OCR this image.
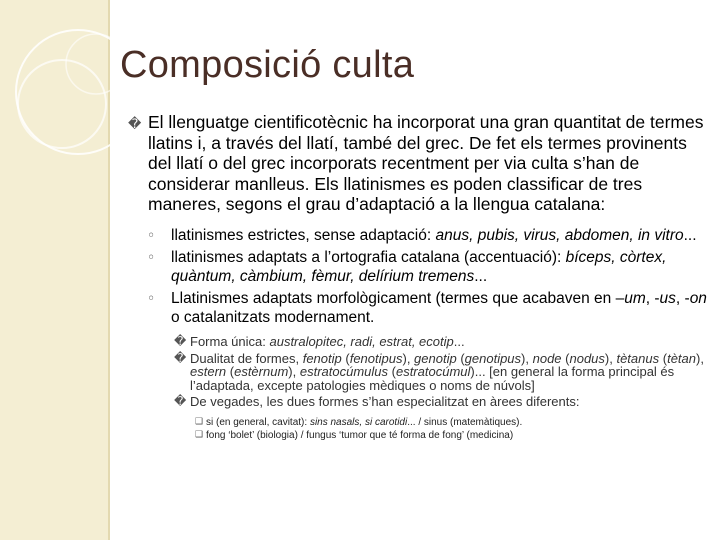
Composició culta
� El llenguatge cientificotècnic ha incorporat una gran quantitat de termes llatins i, a través del llatí, també del grec. De fet els termes provinents del llatí o del grec incorporats recentment per via culta s’han de considerar manlleus. Els llatinismes es poden classificar de tres maneres, segons el grau d’adaptació a la llengua catalana:
◦ llatinismes estrictes, sense adaptació: anus, pubis, virus, abdomen, in vitro...
◦ llatinismes adaptats a l’ortografia catalana (accentuació): bíceps, còrtex, quàntum, càmbium, fèmur, delírium tremens...
◦ Llatinismes adaptats morfològicament (termes que acabaven en –um, -us, -on o catalanitzats modernament.
� Forma única: australopitec, radi, estrat, ecotip...
� Dualitat de formes, fenotip (fenotipus), genotip (genotipus), node (nodus), tètanus (tètan), estern (estèrnum), estratocúmulus (estratocúmul)... [en general la forma principal és l’adaptada, excepte patologies mèdiques o noms de núvols]
� De vegades, les dues formes s’han especialitzat en àrees diferents:
❑ si (en general, cavitat): sins nasals, si carotidi... / sinus (matemàtiques).
❑ fong ‘bolet’ (biologia) / fungus ‘tumor que té forma de fong’ (medicina)
